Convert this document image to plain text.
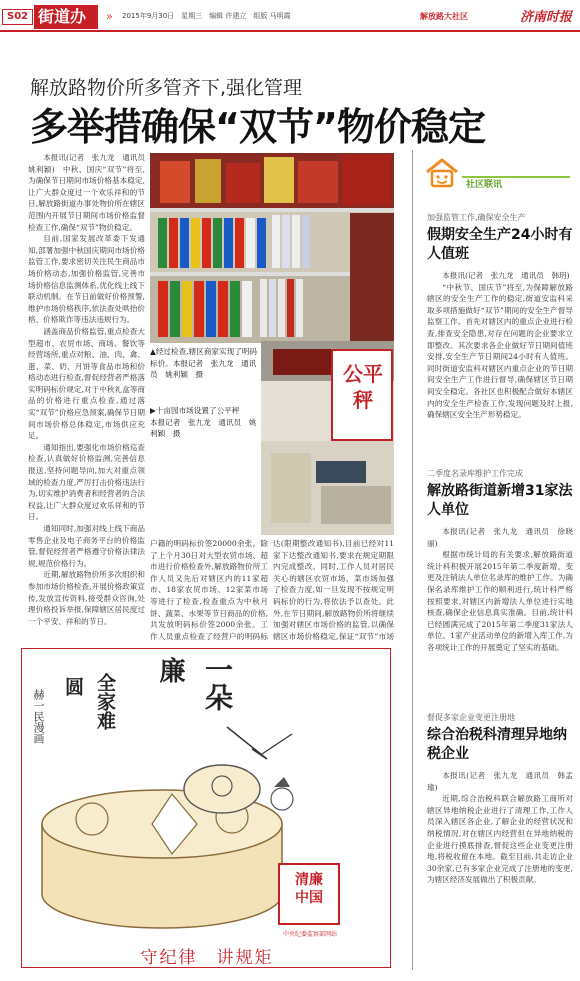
S02 街道办	»	2015年9月30日　星期三　编辑 许建立　组版 马明霞	解放路大社区	济南时报
解放路物价所多管齐下,强化管理
多举措确保“双节”物价稳定

本报讯(记者　张九龙　通讯员　姚利颖)　中秋、国庆“双节”将至,为确保节日期间市场价格基本稳定,让广大群众度过一个欢乐祥和的节日,解放路街道办事处物价所在辖区范围内开展节日期间市场价格监督检查工作,确保“双节”物价稳定。

目前,国家发展改革委下发通知,部署加强中秋国庆期间市场价格监管工作,要求密切关注民生商品市场价格动态,加强价格监管,完善市场价格信息监测体系,优化线上线下联动机制。在节日前做好价格预警,维护市场价格秩序,依法查处哄抬价格、价格欺诈等违法违规行为。

涵盖商品价格监管,重点检查大型超市、农贸市场、商场、餐饮等经营场所,重点对粮、油、肉、禽、蛋、菜、奶、月饼等食品市场和价格动态进行检查,督促经营者严格落实明码标价规定,对于中秋礼盒等商品的价格进行重点检查,通过落实“双节”价格应急预案,确保节日期间市场价格总体稳定,市场供应充足。

通知指出,要强化市场价格巡查检查,认真做好价格监测,完善信息报送,坚持问题导向,加大对重点领域的检查力度,严厉打击价格违法行为,切实维护消费者和经营者的合法权益,让广大群众度过欢乐祥和的节日。

通知同时,加强对线上线下商品零售企业及电子商务平台的价格监管,督促经营者严格遵守价格法律法规,规范价格行为。

近期,解放路物价所多次组织和参加市场价格检查,开展价格政策宣传,发放宣传资料,接受群众咨询,处理价格投诉举报,保障辖区居民度过一个平安、祥和的节日。

公平秤
▲经过检查,辖区商家实现了明码标价。本报记者　张九龙　通讯员　姚利颖　摄
▶十亩园市场设置了公平秤
本报记者　张九龙　通讯员　姚利颖　摄

户籍的明码标价签20000余张。除了上个月30日对大型农贸市场、超市进行价格检查外,解放路物价所工作人员又先后对辖区内的11家超市、18家农贸市场、12家菜市场等进行了检查,检查重点为中秋月饼、蔬菜、水果等节日商品的价格,共发放明码标价签2000余张。工作人员重点检查了经营户的明码标

达(限期整改通知书),目前已经对11家下达整改通知书,要求在规定期限内完成整改。同时,工作人员对居民关心的辖区农贸市场、菜市场加强了检查力度,如一旦发现不按规定明码标价的行为,将依法予以查处。此外,在节日期间,解放路物价所将继续加强对辖区市场价格的监管,以确保辖区市场价格稳定,保证“双节”市场

圆 全家难
廉 一朵
赫一民漫画
清廉中国
中央纪委监察部网站
守纪律　讲规矩
社区联讯
加强监管工作,确保安全生产
假期安全生产24小时有人值班

本报讯(记者　张九龙　通讯员　韩玥)

“中秋节、国庆节”将至,为保障解放路辖区的安全生产工作的稳定,街道安监科采取多项措施做好“双节”期间的安全生产督导监察工作。首先对辖区内的重点企业进行检查,排查安全隐患,对存在问题的企业要求立即整改。其次要求各企业做好节日期间值班安排,安全生产节日期间24小时有人值班。同时街道安监科对辖区内重点企业的节日期间安全生产工作进行督导,确保辖区节日期间安全稳定。各社区也积极配合做好本辖区内的安全生产检查工作,发现问题及时上报,确保辖区安全生产形势稳定。

二季度名录库维护工作完成
解放路街道新增31家法人单位

本报讯(记者　张九龙　通讯员　徐晓丽)

根据市统计局的有关要求,解放路街道统计科积极开展2015年第二季度新增、变更及注销法人单位名录库的维护工作。为确保名录库维护工作的顺利进行,统计科严格按照要求,对辖区内新增法人单位进行实地核查,确保企业信息真实准确。目前,统计科已经圆满完成了2015年第二季度31家法人单位、1家产业活动单位的新增入库工作,为各项统计工作的开展奠定了坚实的基础。

督促多家企业变更注册地
综合治税科清理异地纳税企业

本报讯(记者　张九龙　通讯员　韩孟瑜)

近期,综合治税科联合解放路工商所对辖区异地纳税企业进行了清理工作,工作人员深入辖区各企业,了解企业的经营状况和纳税情况,对在辖区内经营但在异地纳税的企业进行摸底排查,督促这些企业变更注册地,将税收留在本地。截至目前,共走访企业30余家,已有多家企业完成了注册地的变更,为辖区经济发展做出了积极贡献。
